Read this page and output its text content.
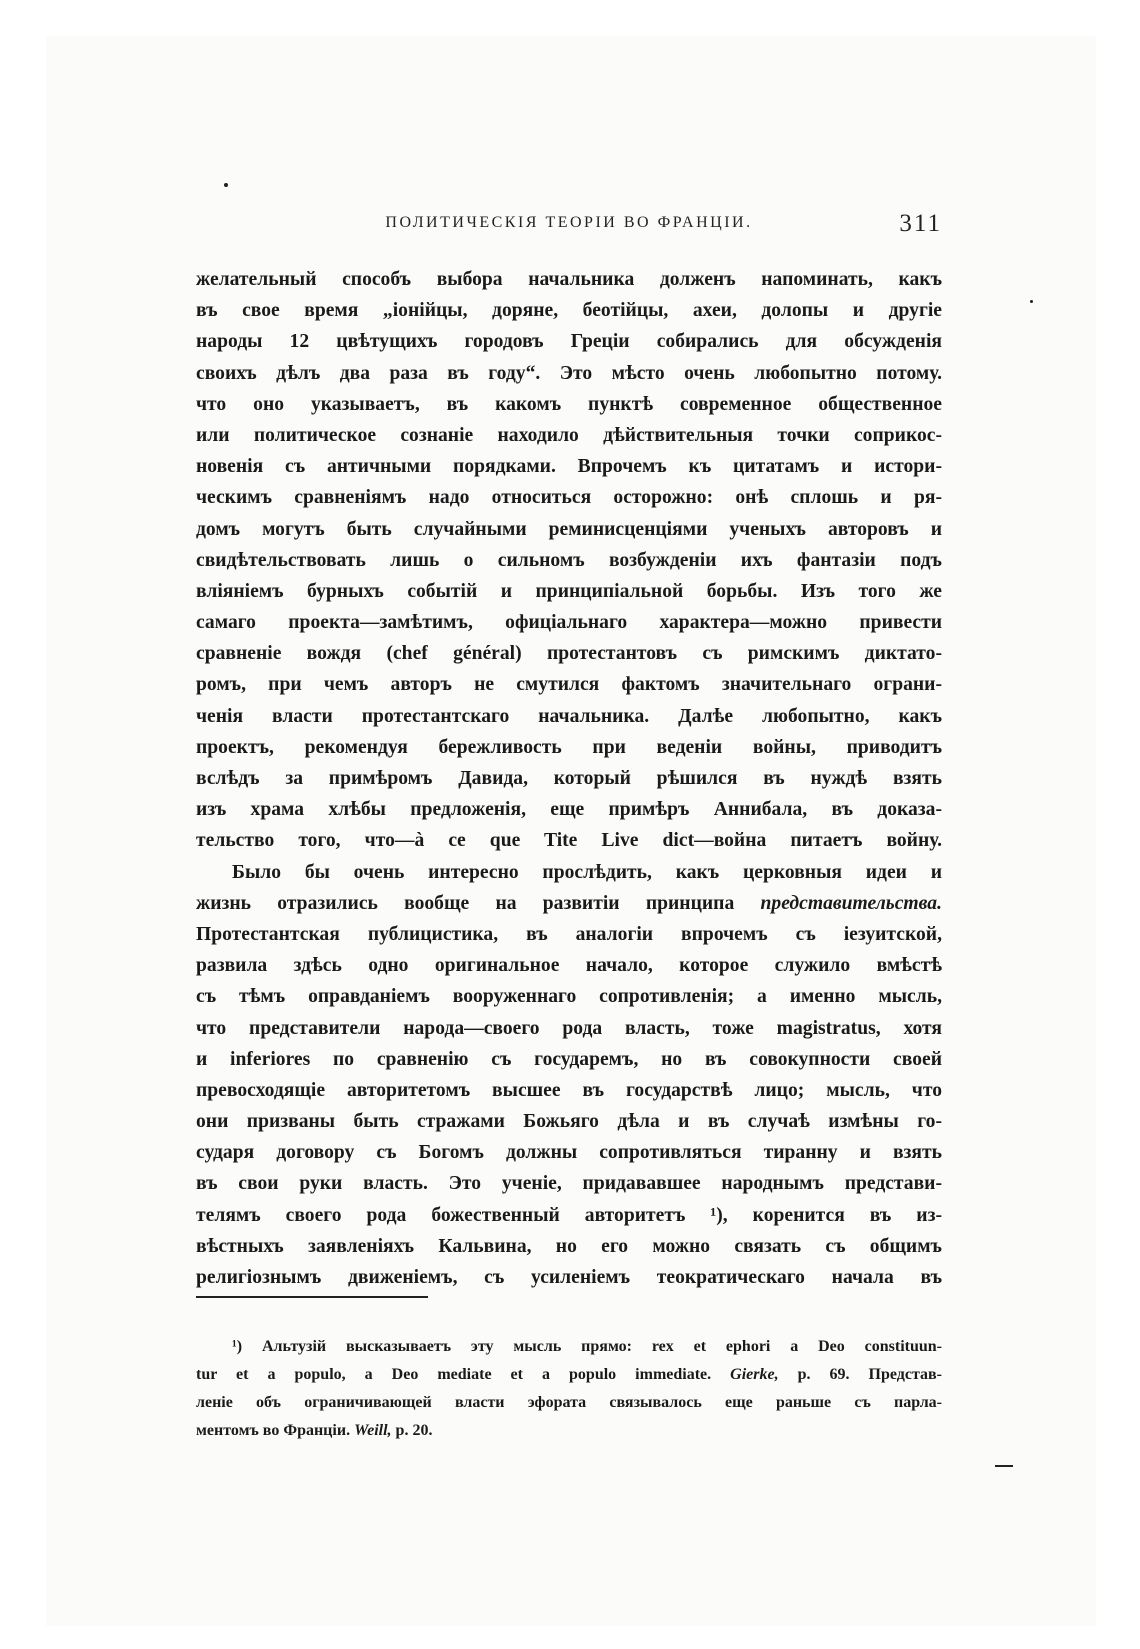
ПОЛИТИЧЕСКІЯ ТЕОРІИ ВО ФРАНЦІИ.	311
желательный способъ выбора начальника долженъ напоминать, какъ
въ свое время „іонійцы, доряне, беотійцы, ахеи, долопы и другіе
народы 12 цвѣтущихъ городовъ Греціи собирались для обсужденія
своихъ дѣлъ два раза въ году“. Это мѣсто очень любопытно потому.
что оно указываетъ, въ какомъ пунктѣ современное общественное
или политическое сознаніе находило дѣйствительныя точки соприкос-
новенія съ античными порядками. Впрочемъ къ цитатамъ и истори-
ческимъ сравненіямъ надо относиться осторожно: онѣ сплошь и ря-
домъ могутъ быть случайными реминисценціями ученыхъ авторовъ и
свидѣтельствовать лишь о сильномъ возбужденіи ихъ фантазіи подъ
вліяніемъ бурныхъ событій и принципіальной борьбы. Изъ того же
самаго проекта—замѣтимъ, офиціальнаго характера—можно привести
сравненіе вождя (chef général) протестантовъ съ римскимъ диктато-
ромъ, при чемъ авторъ не смутился фактомъ значительнаго ограни-
ченія власти протестантскаго начальника. Далѣе любопытно, какъ
проектъ, рекомендуя бережливость при веденіи войны, приводитъ
вслѣдъ за примѣромъ Давида, который рѣшился въ нуждѣ взять
изъ храма хлѣбы предложенія, еще примѣръ Аннибала, въ доказа-
тельство того, что—à ce que Tite Live dict—война питаетъ войну.
Было бы очень интересно прослѣдить, какъ церковныя идеи и
жизнь отразились вообще на развитіи принципа представительства.
Протестантская публицистика, въ аналогіи впрочемъ съ іезуитской,
развила здѣсь одно оригинальное начало, которое служило вмѣстѣ
съ тѣмъ оправданіемъ вооруженнаго сопротивленія; а именно мысль,
что представители народа—своего рода власть, тоже magistratus, хотя
и inferiores по сравненію съ государемъ, но въ совокупности своей
превосходящіе авторитетомъ высшее въ государствѣ лицо; мысль, что
они призваны быть стражами Божьяго дѣла и въ случаѣ измѣны го-
сударя договору съ Богомъ должны сопротивляться тиранну и взять
въ свои руки власть. Это ученіе, придававшее народнымъ представи-
телямъ своего рода божественный авторитетъ ¹), коренится въ из-
вѣстныхъ заявленіяхъ Кальвина, но его можно связать съ общимъ
религіознымъ движеніемъ, съ усиленіемъ теократическаго начала въ
¹) Альтузій высказываетъ эту мысль прямо: rex et ephori a Deo constituun-
tur et a populo, a Deo mediate et a populo immediate. Gierke, p. 69. Представ-
леніе объ ограничивающей власти эфората связывалось еще раньше съ парла-
ментомъ во Франціи. Weill, p. 20.
